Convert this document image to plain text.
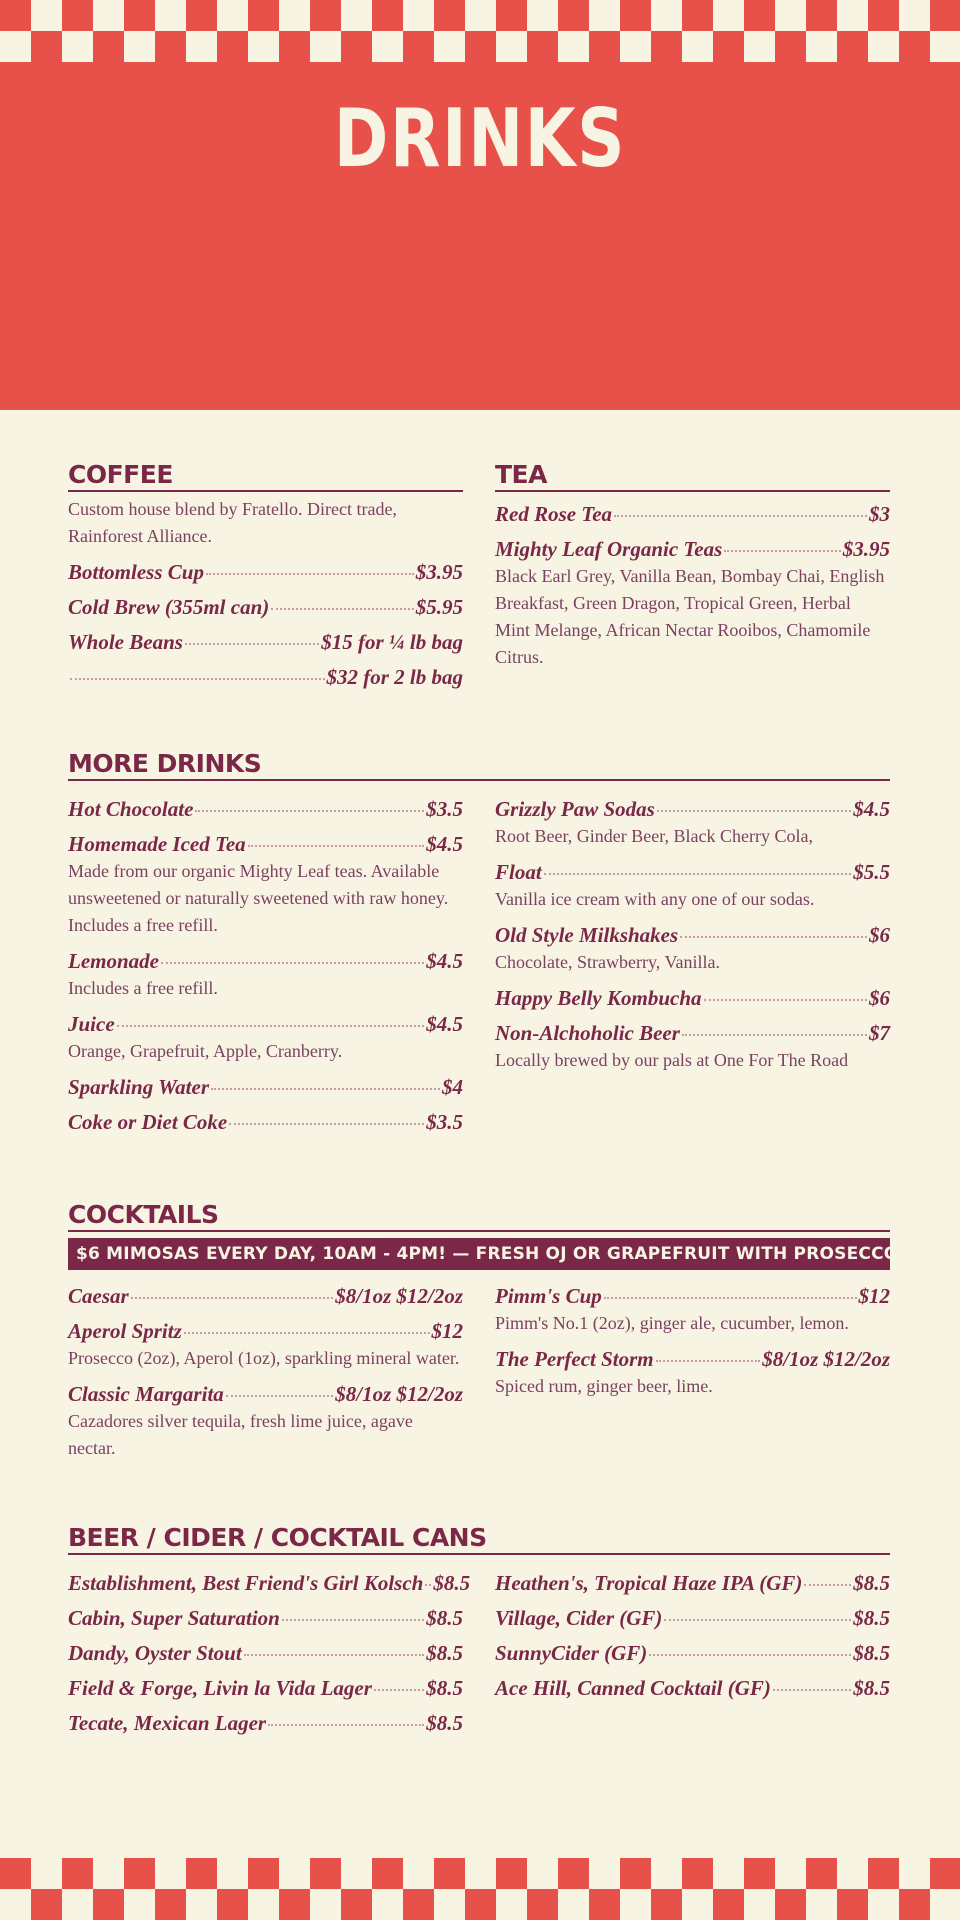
DRINKS
COFFEE
Custom house blend by Fratello. Direct trade, Rainforest Alliance.
Bottomless Cup	$3.95
Cold Brew (355ml can)	$5.95
Whole Beans	$15 for ¼ lb bag
$32 for 2 lb bag
TEA
Red Rose Tea	$3
Mighty Leaf Organic Teas	$3.95
Black Earl Grey, Vanilla Bean, Bombay Chai, English Breakfast, Green Dragon, Tropical Green, Herbal Mint Melange, African Nectar Rooibos, Chamomile Citrus.
MORE DRINKS
Hot Chocolate	$3.5
Homemade Iced Tea	$4.5
Made from our organic Mighty Leaf teas. Available unsweetened or naturally sweetened with raw honey. Includes a free refill.
Lemonade	$4.5
Includes a free refill.
Juice	$4.5
Orange, Grapefruit, Apple, Cranberry.
Sparkling Water	$4
Coke or Diet Coke	$3.5
Grizzly Paw Sodas	$4.5
Root Beer, Ginder Beer, Black Cherry Cola,
Float	$5.5
Vanilla ice cream with any one of our sodas.
Old Style Milkshakes	$6
Chocolate, Strawberry, Vanilla.
Happy Belly Kombucha	$6
Non-Alchoholic Beer	$7
Locally brewed by our pals at One For The Road
COCKTAILS
$6 MIMOSAS EVERY DAY, 10AM - 4PM! — FRESH OJ OR GRAPEFRUIT WITH PROSECCO (5OZ)
Caesar	$8/1oz $12/2oz
Aperol Spritz	$12
Prosecco (2oz), Aperol (1oz), sparkling mineral water.
Classic Margarita	$8/1oz $12/2oz
Cazadores silver tequila, fresh lime juice, agave nectar.
Pimm's Cup	$12
Pimm's No.1 (2oz), ginger ale, cucumber, lemon.
The Perfect Storm	$8/1oz $12/2oz
Spiced rum, ginger beer, lime.
BEER / CIDER / COCKTAIL CANS
Establishment, Best Friend's Girl Kolsch $8.5
Cabin, Super Saturation	$8.5
Dandy, Oyster Stout	$8.5
Field & Forge, Livin la Vida Lager	$8.5
Tecate, Mexican Lager	$8.5
Heathen's, Tropical Haze IPA (GF) $8.5
Village, Cider (GF)	$8.5
SunnyCider (GF)	$8.5
Ace Hill, Canned Cocktail (GF)	$8.5
